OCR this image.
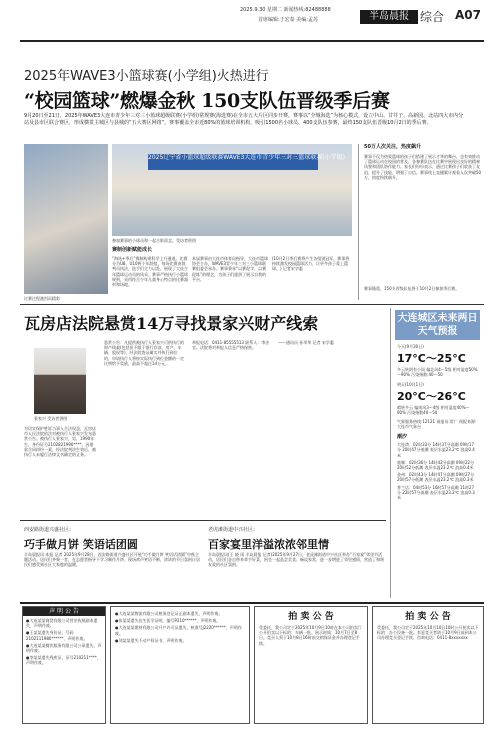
2025.9.30 星期二 新闻热线:82488888
首席编辑:于宏泰 美编:孟苏	半岛晨报 综合 A07
2025年WAVE3小篮球赛(小学组)火热进行
“校园篮球”燃爆金秋 150支队伍晋级季后赛
9月20日至21日，2025年WAVE3大连市青少年三对三小篮球超级联赛(小学组)常规赛(海选赛)在全市五大片区同步开赛。赛事以“全城海选”为核心模式，设立中山、甘井子、高新园、北站四大市内分站及县市区联合赛区，形成横贯主城区与县城的“五大赛区网络”。赛事覆盖全市近80%的篮球培训机构，吸引1500名小球员、400支队伍参赛，最终150支队伍晋级10月2日的季后赛。
比赛过程激烈而精彩
2025辽宁省小篮球超级联赛WAVE3大连市青少年三对三篮球联赛(小学组)
参加赛事的小球员和一起合影留念。受访者供图
赛制创新赋能成长
“海选+季后”赛制构建科学上升通道。比赛分为U8、U10两个年龄组，每场比赛由裁判员执法，选手们全力以赴，展现了大连少年篮球运动员的风采。赛事严格执行小篮球规则，采用符合少年儿童身心特点的比赛器材和场地。
本届赛事由大连市体育局指导，大连市篮球协会主办，WAVE3青少年三对三小篮球联赛组委会承办。赛事秉承“以赛促学、以赛促练”的理念，为孩子们提供了展示自我的平台。
(10月2日季后赛将产生各组别冠军，赛事将持续激发校园篮球活力，让更多孩子爱上篮球。) 记者宋学惠
50万人次关注，热度飙升
赛事不仅为热爱篮球的孩子们搭建了展示才华的舞台，也有效推动了篮球运动在校园的普及。各参赛队伍在比赛中展现出良好的精神风貌和团队协作能力。家长们纷纷表示，通过比赛孩子们收获了友谊，提升了技能，增强了自信。赛事线上直播累计观看人次突破50万，热度持续飙升。
赛事隆重，150支晋级队伍将于10月2日参加季后赛。
瓦房店法院悬赏14万寻找景家兴财产线索
景家兴 受访者供图
为切实保护胜诉当事人合法权益，瓦房店市人民法院依法对被执行人景家兴发布悬赏公告。被执行人景家兴，男，1990年生，身份证号2102821990****。因借款合同纠纷一案，经法院判决生效后，被执行人未履行法律文书确定的义务。
悬赏公告：凡提供被执行人景家兴可供执行的财产线索(包括但不限于银行存款、房产、车辆、股权等)，经法院查证属实并执行到位的，申请执行人将按实际执行到位金额的一定比例给予奖励，最高不超过14万元。
举报电话：0411-85555513 联系人：李法官。法院将对举报人信息严格保密。
——通讯员 孙翠华 记者 宋学惠
大连城区未来两日天气预报
今天(9月30日)
17°C～25°C
多云转阴有小雨 偏北风4～5级 相对湿度50%～90% 污染指数:40～50
明天(10月1日)
20°C～26°C
晴转多云 偏南风3～4级 相对湿度40%～90% 污染指数40～50
气象服务热线:12121 预报员:常广 预报来源:大连市气象台
潮汐
大连湾：02时33分 14时37分高潮 09时17分 20时47分低潮 表层水温23.2℃ 浪高0.4米
旅顺：02时36分 14时42分高潮 09时22分 20时52分低潮 表层水温23.2℃ 浪高0.4米
金州：02时43分 14时47分高潮 09时27分 20时57分低潮 表层水温23.2℃ 浪高0.3米
普兰店：04时53分 16时57分高潮 11时27分 22时57分低潮 表层水温23.2℃ 浪高0.3米
西安路街道兴盛社区：
巧手做月饼 笑语话团圆
半岛晨报讯 本报 记者 2025年9月28日，西安路街道兴盛社区开展“巧手做月饼 笑语话团圆”中秋主题活动。居民们齐聚一堂，在志愿者指导下学习制作月饼，现场欢声笑语不断，浓浓的节日氛围让居民们感受到社区大家庭的温暖。
老虎滩街道中兴社区：
百家宴里洋溢浓浓邻里情
半岛晨报讯(王 晓 雨 半岛晨报 记者)2025年9月27日，老虎滩街道中兴社区举办“百家宴”邻里节活动，居民们各自带来拿手好菜，围坐一起品尝美食、畅谈家常，进一步增进了邻里感情，营造了和谐友爱的社区氛围。
声 明 公 告
●大连某某商贸有限公司营业执照副本遗失，声明作废。
●王某某遗失身份证，号码2102111980******，声明作废。
●大连某某餐饮服务有限公司公章遗失，声明作废。
●李某某遗失残疾证，证号210211****，声明作废。
●大连某某物流有限公司税务登记证正副本遗失，声明作废。
●张某某遗失出生医学证明，编号P210******，声明作废。
●大连某某建材有限公司开户许可证遗失，核准号J2220******，声明作废。
●刘某某遗失不动产权证书，声明作废。
拍 卖 公 告
受委托，我公司定于2025年10月9日10时在本公司拍卖厅公开拍卖以下标的：车辆一批。展示时间：10月7日至8日。竞买人须于10月8日16时前交纳保证金并办理登记手续。
拍 卖 公 告
受委托，我公司定于2025年10月10日10时公开拍卖以下标的：办公设备一批。有意竞买者请于10月9日前到本公司办理竞买登记手续。咨询电话：0411-8xxxxxxx
